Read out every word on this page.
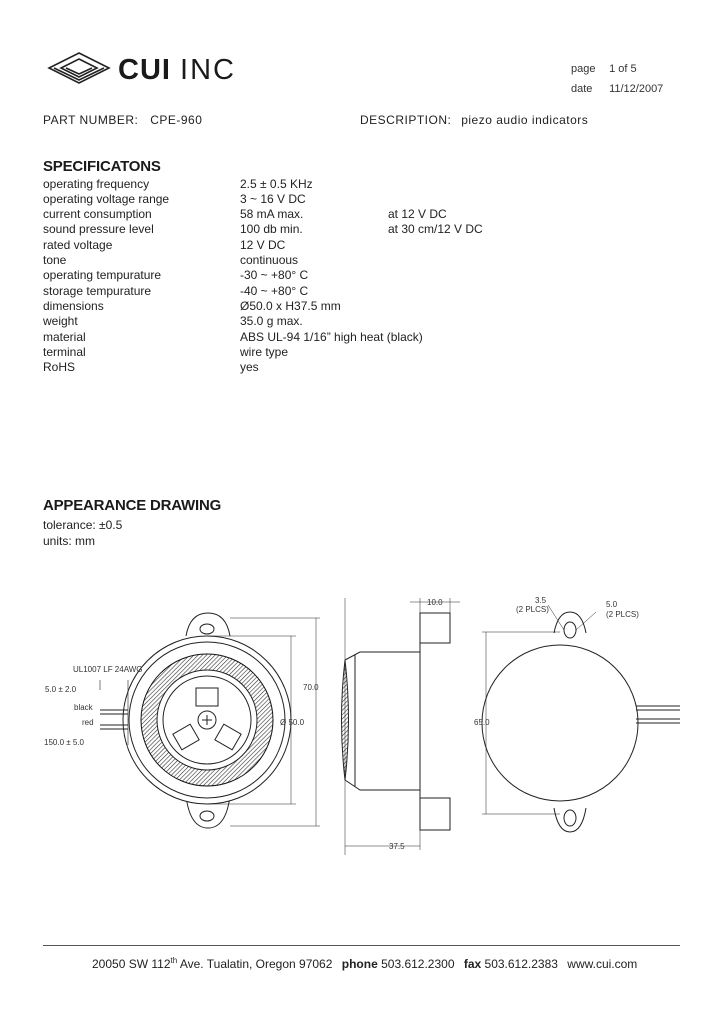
CUI INC	page 1 of 5
date 11/12/2007
PART NUMBER: CPE-960	DESCRIPTION: piezo audio indicators
SPECIFICATONS
operating frequency	2.5 ± 0.5 KHz
operating voltage range	3 ~ 16 V DC
current consumption	58 mA max.	at 12 V DC
sound pressure level	100 db min.	at 30 cm/12 V DC
rated voltage	12 V DC
tone	continuous
operating tempurature	-30 ~ +80° C
storage tempurature	-40 ~ +80° C
dimensions	Ø50.0 x H37.5 mm
weight	35.0 g max.
material	ABS UL-94 1/16” high heat (black)
terminal	wire type
RoHS	yes
APPEARANCE DRAWING
tolerance: ±0.5
units: mm
UL1007 LF 24AWG
5.0 ± 2.0
black
red
150.0 ± 5.0
70.0
Ø 50.0
10.0
37.5
3.5
(2 PLCS)
5.0
(2 PLCS)
65.0
20050 SW 112th Ave. Tualatin, Oregon 97062 phone 503.612.2300 fax 503.612.2383 www.cui.com
